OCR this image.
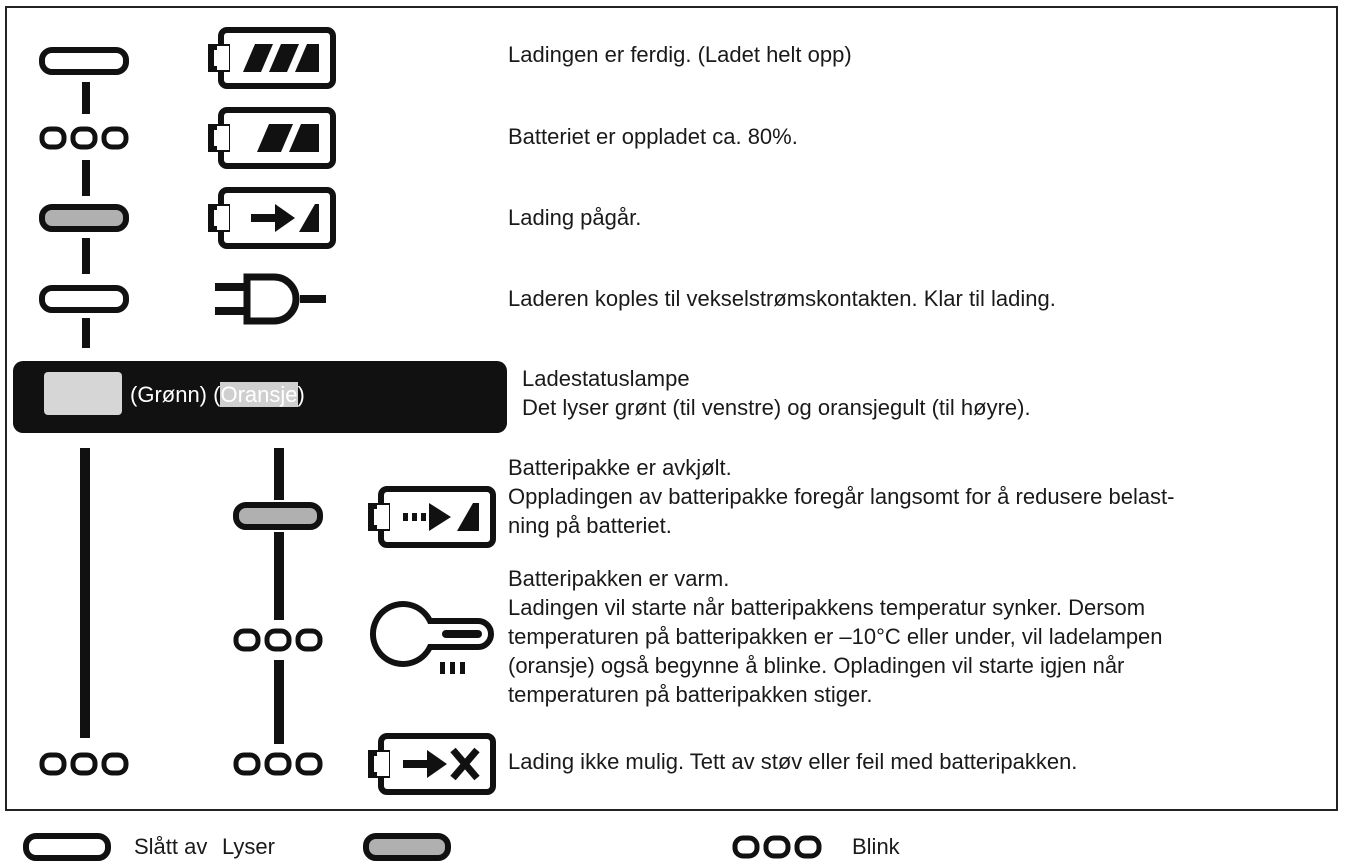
(Grønn) (Oransje)
Ladingen er ferdig. (Ladet helt opp)
Batteriet er oppladet ca. 80%.
Lading pågår.
Laderen koples til vekselstrømskontakten. Klar til lading.
Ladestatuslampe
Det lyser grønt (til venstre) og oransjegult (til høyre).
Batteripakke er avkjølt.
Oppladingen av batteripakke foregår langsomt for å redusere belast-
ning på batteriet.
Batteripakken er varm.
Ladingen vil starte når batteripakkens temperatur synker. Dersom
temperaturen på batteripakken er –10°C eller under, vil ladelampen
(oransje) også begynne å blinke. Opladingen vil starte igjen når
temperaturen på batteripakken stiger.
Lading ikke mulig. Tett av støv eller feil med batteripakken.
Slått av Lyser	Blink
